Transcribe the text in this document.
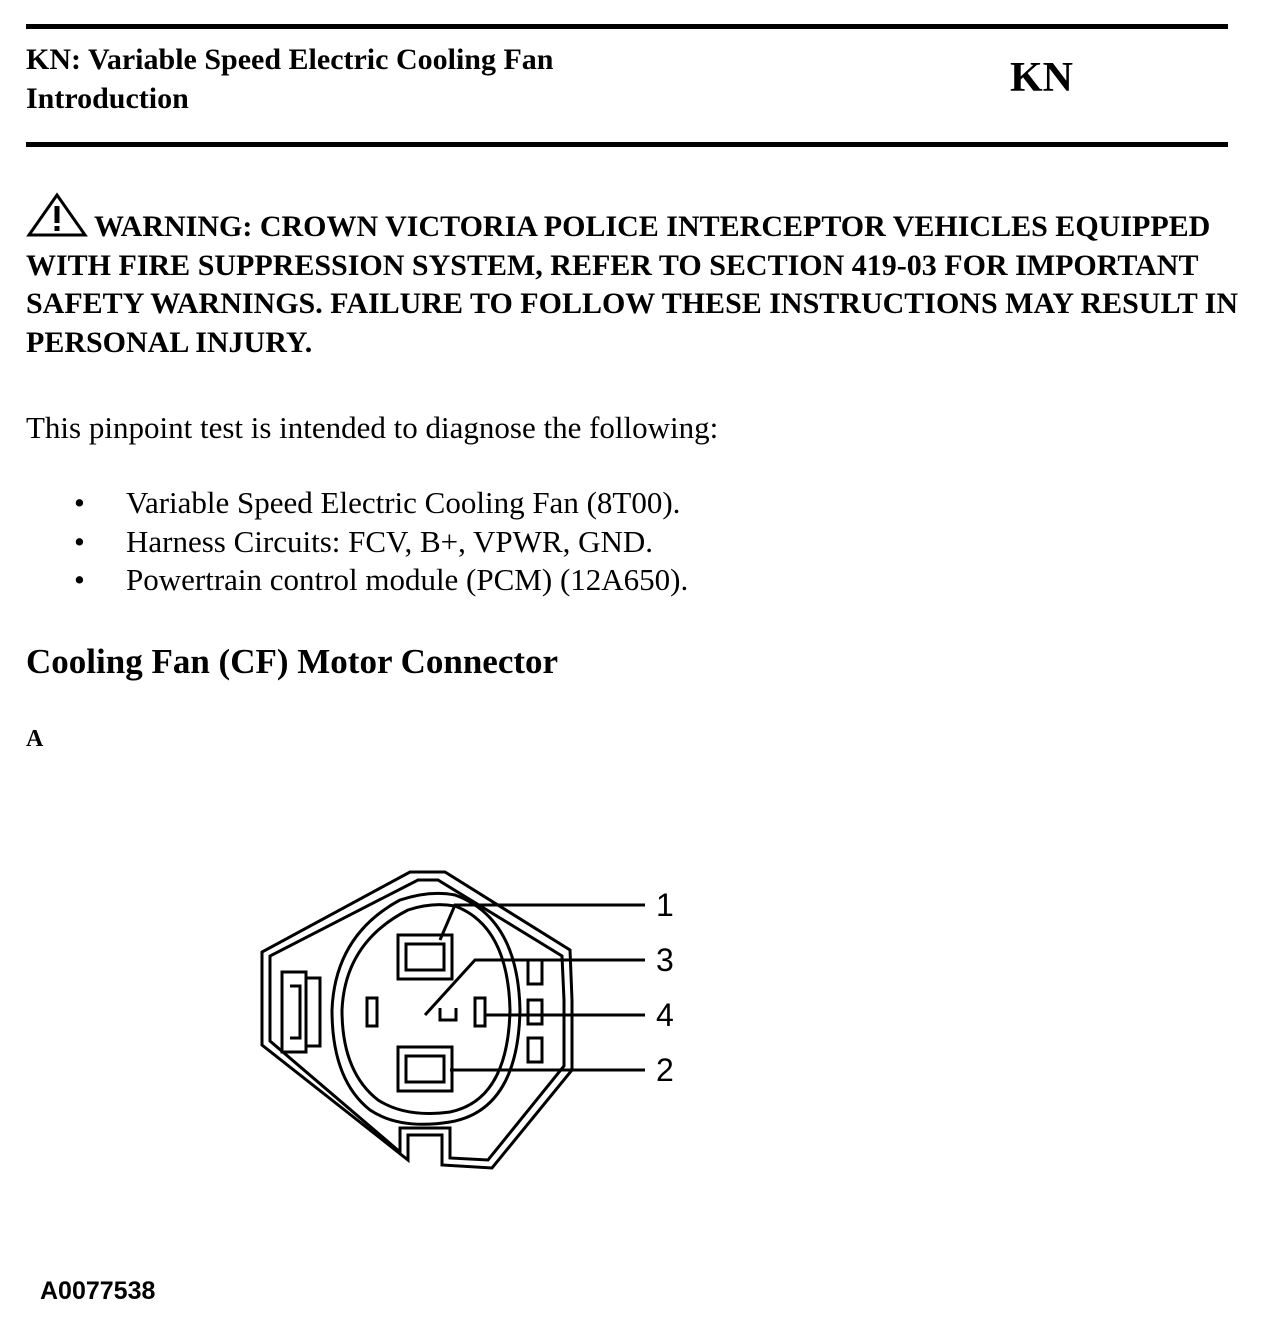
KN: Variable Speed Electric Cooling Fan
Introduction	KN
WARNING: CROWN VICTORIA POLICE INTERCEPTOR VEHICLES EQUIPPED WITH FIRE SUPPRESSION SYSTEM, REFER TO SECTION 419-03 FOR IMPORTANT SAFETY WARNINGS. FAILURE TO FOLLOW THESE INSTRUCTIONS MAY RESULT IN PERSONAL INJURY.
This pinpoint test is intended to diagnose the following:
• Variable Speed Electric Cooling Fan (8T00).
• Harness Circuits: FCV, B+, VPWR, GND.
• Powertrain control module (PCM) (12A650).
Cooling Fan (CF) Motor Connector
A
1
3
4
2
A0077538
